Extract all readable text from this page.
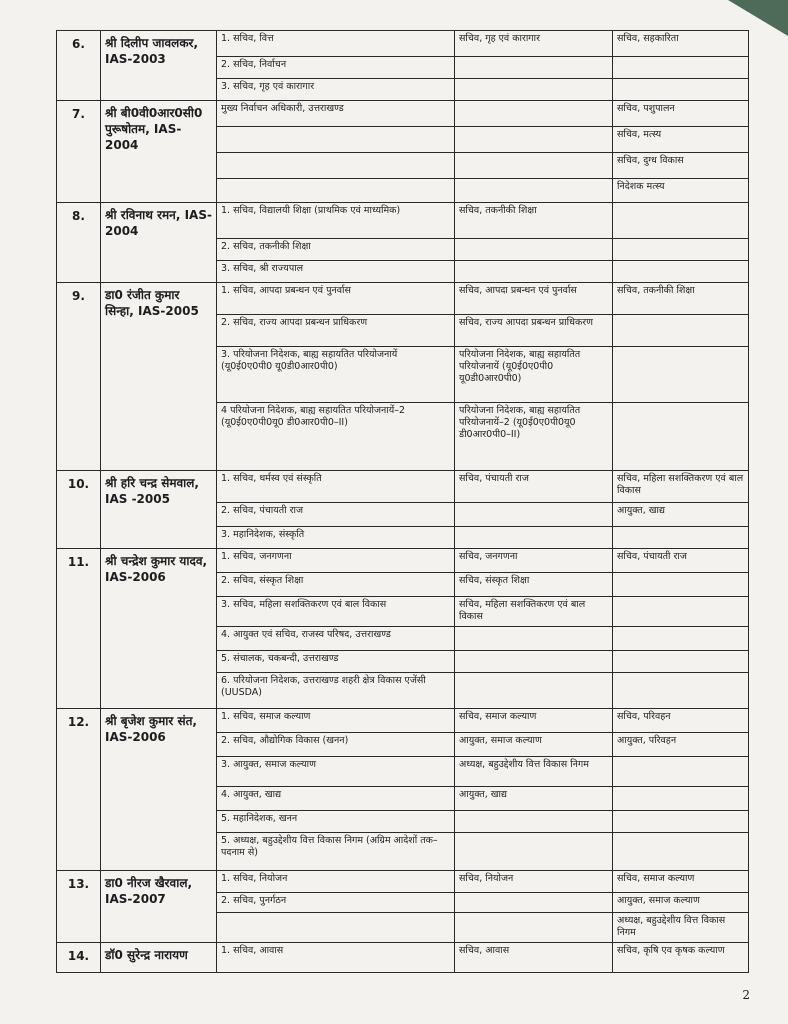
6.	श्री दिलीप जावलकर, IAS-2003	1. सचिव, वित्त	सचिव, गृह एवं कारागार	सचिव, सहकारिता
		2. सचिव, निर्वाचन		
		3. सचिव, गृह एवं कारागार		
7.	श्री बी0वी0आर0सी0 पुरूषोतम, IAS-2004	मुख्य निर्वाचन अधिकारी, उत्तराखण्ड		सचिव, पशुपालन
				सचिव, मत्स्य
				सचिव, दुग्ध विकास
				निदेशक मत्स्य
8.	श्री रविनाथ रमन, IAS-2004	1. सचिव, विद्यालयी शिक्षा (प्राथमिक एवं माध्यमिक)	सचिव, तकनीकी शिक्षा	
		2. सचिव, तकनीकी शिक्षा		
		3. सचिव, श्री राज्यपाल		
9.	डा0 रंजीत कुमार सिन्हा, IAS-2005	1. सचिव, आपदा प्रबन्धन एवं पुनर्वास	सचिव, आपदा प्रबन्धन एवं पुनर्वास	सचिव, तकनीकी शिक्षा
		2. सचिव, राज्य आपदा प्रबन्धन प्राधिकरण	सचिव, राज्य आपदा प्रबन्धन प्राधिकरण	
		3. परियोजना निदेशक, बाह्य सहायतित परियोजनायें (यू0ई0ए0पी0 यू0डी0आर0पी0)	परियोजना निदेशक, बाह्य सहायतित परियोजनायें (यू0ई0ए0पी0 यू0डी0आर0पी0)	
		4 परियोजना निदेशक, बाह्य सहायतित परियोजनायें–2 (यू0ई0ए0पी0यू0 डी0आर0पी0–II)	परियोजना निदेशक, बाह्य सहायतित परियोजनायें–2 (यू0ई0ए0पी0यू0 डी0आर0पी0–II)	
10.	श्री हरि चन्द्र सेमवाल, IAS -2005	1. सचिव, धर्मस्व एवं संस्कृति	सचिव, पंचायती राज	सचिव, महिला सशक्तिकरण एवं बाल विकास
		2. सचिव, पंचायती राज		आयुक्त, खाद्य
		3. महानिदेशक, संस्कृति		
11.	श्री चन्द्रेश कुमार यादव, IAS-2006	1. सचिव, जनगणना	सचिव, जनगणना	सचिव, पंचायती राज
		2. सचिव, संस्कृत शिक्षा	सचिव, संस्कृत शिक्षा	
		3. सचिव, महिला सशक्तिकरण एवं बाल विकास	सचिव, महिला सशक्तिकरण एवं बाल विकास	
		4. आयुक्त एवं सचिव, राजस्व परिषद, उत्तराखण्ड		
		5. संचालक, चकबन्दी, उत्तराखण्ड		
		6. परियोजना निदेशक, उत्तराखण्ड शहरी क्षेत्र विकास एजेंसी (UUSDA)		
12.	श्री बृजेश कुमार संत, IAS-2006	1. सचिव, समाज कल्याण	सचिव, समाज कल्याण	सचिव, परिवहन
		2. सचिव, औद्योगिक विकास (खनन)	आयुक्त, समाज कल्याण	आयुक्त, परिवहन
		3. आयुक्त, समाज कल्याण	अध्यक्ष, बहुउद्देशीय वित्त विकास निगम	
		4. आयुक्त, खाद्य	आयुक्त, खाद्य	
		5. महानिदेशक, खनन		
		5. अध्यक्ष, बहुउद्देशीय वित्त विकास निगम (अग्रिम आदेशों तक–पदनाम से)		
13.	डा0 नीरज खैरवाल, IAS-2007	1. सचिव, नियोजन	सचिव, नियोजन	सचिव, समाज कल्याण
		2. सचिव, पुनर्गठन		आयुक्त, समाज कल्याण
				अध्यक्ष, बहुउद्देशीय वित्त विकास निगम
14.	डॉ0 सुरेन्द्र नारायण	1. सचिव, आवास	सचिव, आवास	सचिव, कृषि एव कृषक कल्याण
2
